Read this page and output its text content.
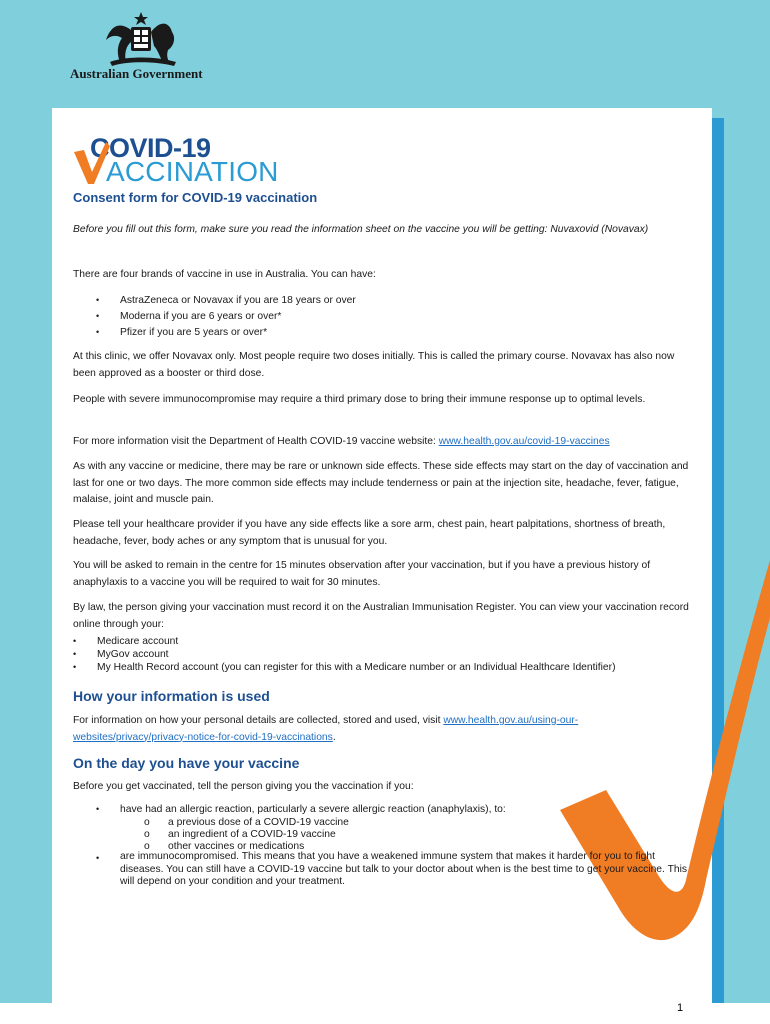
Australian Government
COVID-19
ACCINATION
Consent form for COVID-19 vaccination

Before you fill out this form, make sure you read the information sheet on the vaccine you will be getting: Nuvaxovid (Novavax)

There are four brands of vaccine in use in Australia. You can have:

• AstraZeneca or Novavax if you are 18 years or over
• Moderna if you are 6 years or over*
• Pfizer if you are 5 years or over*

At this clinic, we offer Novavax only. Most people require two doses initially. This is called the primary course. Novavax has also now been approved as a booster or third dose.

People with severe immunocompromise may require a third primary dose to bring their immune response up to optimal levels.

For more information visit the Department of Health COVID-19 vaccine website: www.health.gov.au/covid-19-vaccines

As with any vaccine or medicine, there may be rare or unknown side effects. These side effects may start on the day of vaccination and last for one or two days. The more common side effects may include tenderness or pain at the injection site, headache, fever, fatigue, malaise, joint and muscle pain.

Please tell your healthcare provider if you have any side effects like a sore arm, chest pain, heart palpitations, shortness of breath, headache, fever, body aches or any symptom that is unusual for you.

You will be asked to remain in the centre for 15 minutes observation after your vaccination, but if you have a previous history of anaphylaxis to a vaccine you will be required to wait for 30 minutes.

By law, the person giving your vaccination must record it on the Australian Immunisation Register. You can view your vaccination record online through your:

• Medicare account
• MyGov account
• My Health Record account (you can register for this with a Medicare number or an Individual Healthcare Identifier)
How your information is used

For information on how your personal details are collected, stored and used, visit www.health.gov.au/using-our-
websites/privacy/privacy-notice-for-covid-19-vaccinations.

On the day you have your vaccine

Before you get vaccinated, tell the person giving you the vaccination if you:

• have had an allergic reaction, particularly a severe allergic reaction (anaphylaxis), to:
o a previous dose of a COVID-19 vaccine
o an ingredient of a COVID-19 vaccine
o other vaccines or medications
• are immunocompromised. This means that you have a weakened immune system that makes it harder for you to fight diseases. You can still have a COVID-19 vaccine but talk to your doctor about when is the best time to get your vaccine. This will depend on your condition and your treatment.
1
